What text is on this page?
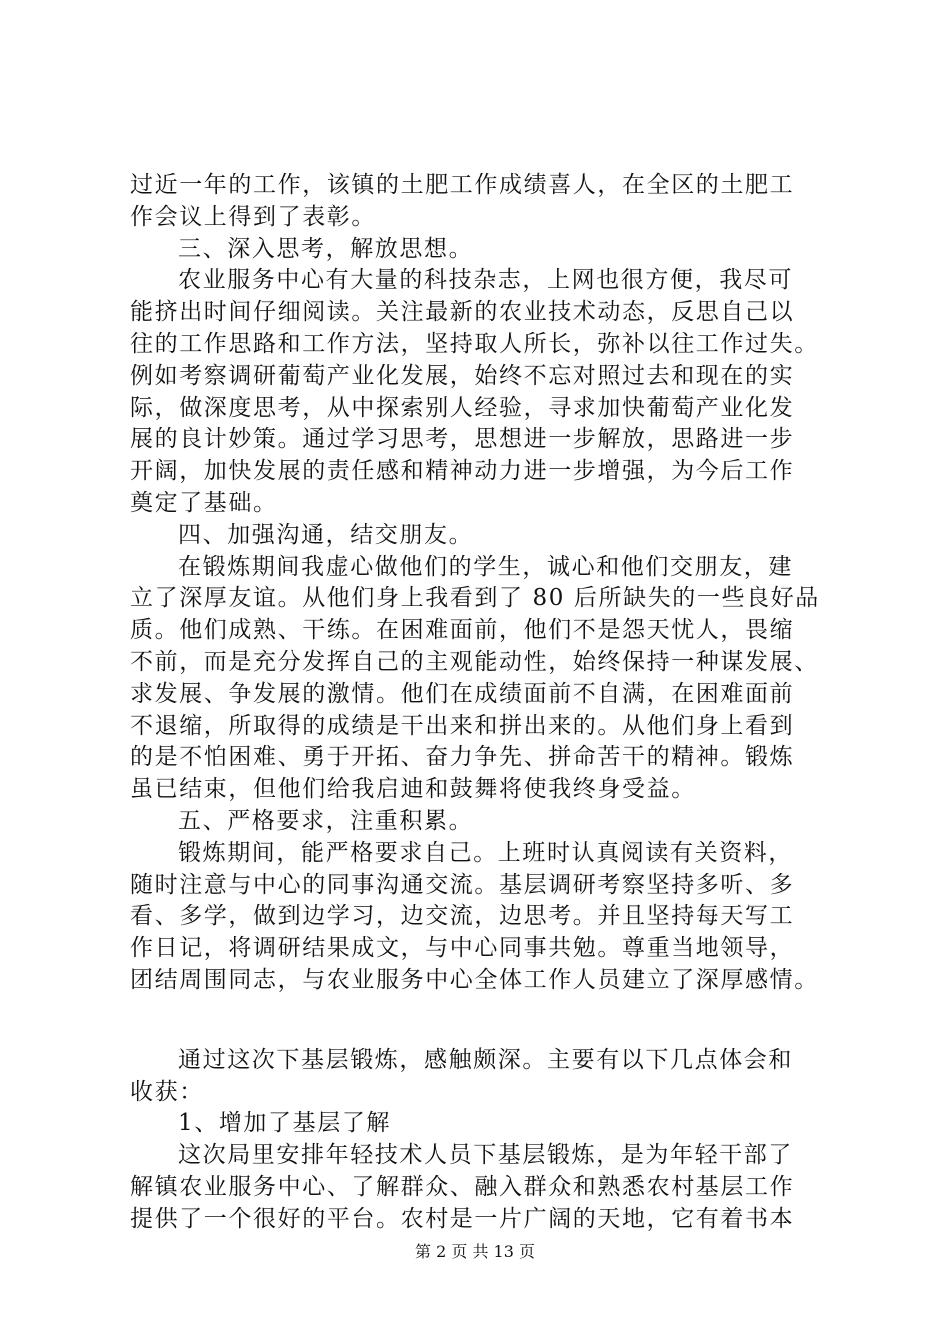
过近一年的工作，该镇的土肥工作成绩喜人，在全区的土肥工
作会议上得到了表彰。
三、深入思考，解放思想。
农业服务中心有大量的科技杂志，上网也很方便，我尽可
能挤出时间仔细阅读。关注最新的农业技术动态，反思自己以
往的工作思路和工作方法，坚持取人所长，弥补以往工作过失。
例如考察调研葡萄产业化发展，始终不忘对照过去和现在的实
际，做深度思考，从中探索别人经验，寻求加快葡萄产业化发
展的良计妙策。通过学习思考，思想进一步解放，思路进一步
开阔，加快发展的责任感和精神动力进一步增强，为今后工作
奠定了基础。
四、加强沟通，结交朋友。
在锻炼期间我虚心做他们的学生，诚心和他们交朋友，建
立了深厚友谊。从他们身上我看到了 80 后所缺失的一些良好品
质。他们成熟、干练。在困难面前，他们不是怨天忧人，畏缩
不前，而是充分发挥自己的主观能动性，始终保持一种谋发展、
求发展、争发展的激情。他们在成绩面前不自满，在困难面前
不退缩，所取得的成绩是干出来和拼出来的。从他们身上看到
的是不怕困难、勇于开拓、奋力争先、拼命苦干的精神。锻炼
虽已结束，但他们给我启迪和鼓舞将使我终身受益。
五、严格要求，注重积累。
锻炼期间，能严格要求自己。上班时认真阅读有关资料，
随时注意与中心的同事沟通交流。基层调研考察坚持多听、多
看、多学，做到边学习，边交流，边思考。并且坚持每天写工
作日记，将调研结果成文，与中心同事共勉。尊重当地领导，
团结周围同志，与农业服务中心全体工作人员建立了深厚感情。
通过这次下基层锻炼，感触颇深。主要有以下几点体会和
收获：
1、增加了基层了解
这次局里安排年轻技术人员下基层锻炼，是为年轻干部了
解镇农业服务中心、了解群众、融入群众和熟悉农村基层工作
提供了一个很好的平台。农村是一片广阔的天地，它有着书本
第 2 页 共 13 页
